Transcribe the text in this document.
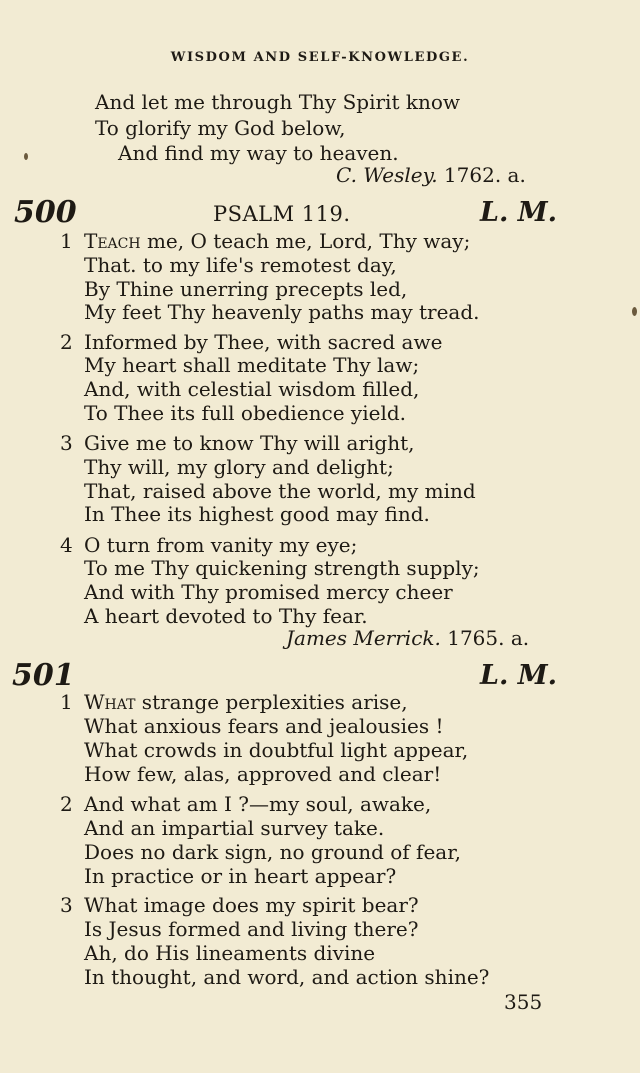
WISDOM AND SELF-KNOWLEDGE.
And let me through Thy Spirit know
To glorify my God below,
And find my way to heaven.
C. Wesley. 1762. a.
500	PSALM 119.	L. M.
1 Teach me, O teach me, Lord, Thy way;
That. to my life's remotest day,
By Thine unerring precepts led,
My feet Thy heavenly paths may tread.
2 Informed by Thee, with sacred awe
My heart shall meditate Thy law;
And, with celestial wisdom filled,
To Thee its full obedience yield.
3 Give me to know Thy will aright,
Thy will, my glory and delight;
That, raised above the world, my mind
In Thee its highest good may find.
4 O turn from vanity my eye;
To me Thy quickening strength supply;
And with Thy promised mercy cheer
A heart devoted to Thy fear.
James Merrick. 1765. a.
501	L. M.
1 What strange perplexities arise,
What anxious fears and jealousies !
What crowds in doubtful light appear,
How few, alas, approved and clear!
2 And what am I ?—my soul, awake,
And an impartial survey take.
Does no dark sign, no ground of fear,
In practice or in heart appear?
3 What image does my spirit bear?
Is Jesus formed and living there?
Ah, do His lineaments divine
In thought, and word, and action shine?
355
